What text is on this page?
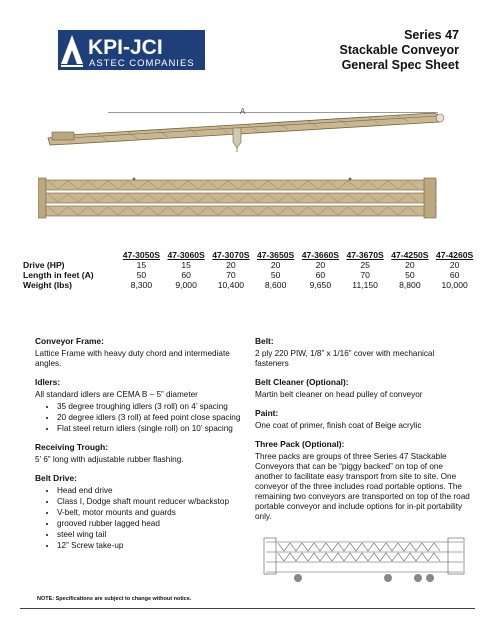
KPI-JCI
ASTEC COMPANIES
Series 47
Stackable Conveyor
General Spec Sheet
A
	47-3050S	47-3060S	47-3070S	47-3650S	47-3660S	47-3670S	47-4250S	47-4260S
Drive (HP)	15	15	20	20	20	25	20	20
Length in feet (A)	50	60	70	50	60	70	50	60
Weight (lbs)	8,300	9,000	10,400	8,600	9,650	11,150	8,800	10,000
Conveyor Frame:

Lattice Frame with heavy duty chord and intermediate angles.

Idlers:

All standard idlers are CEMA B – 5” diameter

• 35 degree troughing idlers (3 roll) on 4’ spacing
• 20 degree idlers (3 roll) at feed point close spacing
• Flat steel return idlers (single roll) on 10’ spacing
Receiving Trough:

5’ 6” long with adjustable rubber flashing.

Belt Drive:
• Head end drive
• Class I, Dodge shaft mount reducer w/backstop
• V-belt, motor mounts and guards
• grooved rubber lagged head
• steel wing tail
• 12” Screw take-up
Belt:

2 ply 220 PIW, 1/8” x 1/16” cover with mechanical fasteners

Belt Cleaner (Optional):

Martin belt cleaner on head pulley of conveyor

Paint:

One coat of primer, finish coat of Beige acrylic

Three Pack (Optional):

Three packs are groups of three Series 47 Stackable Conveyors that can be “piggy backed” on top of one another to facilitate easy transport from site to site. One conveyor of the three includes road portable options. The remaining two conveyors are transported on top of the road portable conveyor and include options for in-pit portability only.

NOTE: Specifications are subject to change without notice.
